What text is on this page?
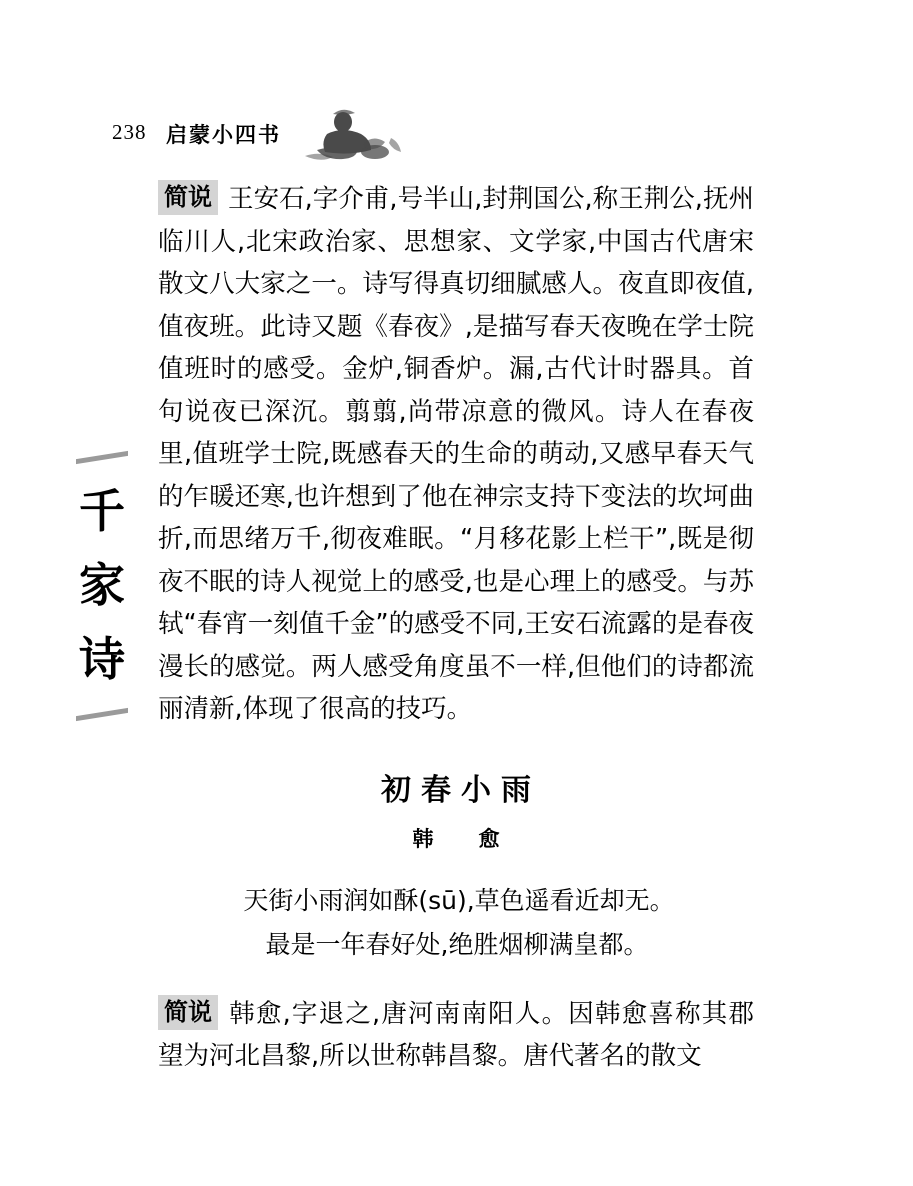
238 启蒙小四书
千
家
诗

简说 王安石,字介甫,号半山,封荆国公,称王荆公,抚州临川人,北宋政治家、思想家、文学家,中国古代唐宋散文八大家之一。诗写得真切细腻感人。夜直即夜值,值夜班。此诗又题《春夜》,是描写春天夜晚在学士院值班时的感受。金炉,铜香炉。漏,古代计时器具。首句说夜已深沉。翦翦,尚带凉意的微风。诗人在春夜里,值班学士院,既感春天的生命的萌动,又感早春天气的乍暖还寒,也许想到了他在神宗支持下变法的坎坷曲折,而思绪万千,彻夜难眠。“月移花影上栏干”,既是彻夜不眠的诗人视觉上的感受,也是心理上的感受。与苏轼“春宵一刻值千金”的感受不同,王安石流露的是春夜漫长的感觉。两人感受角度虽不一样,但他们的诗都流丽清新,体现了很高的技巧。

初春小雨
韩　愈

天街小雨润如酥(sū),草色遥看近却无。

最是一年春好处,绝胜烟柳满皇都。

简说 韩愈,字退之,唐河南南阳人。因韩愈喜称其郡望为河北昌黎,所以世称韩昌黎。唐代著名的散文
